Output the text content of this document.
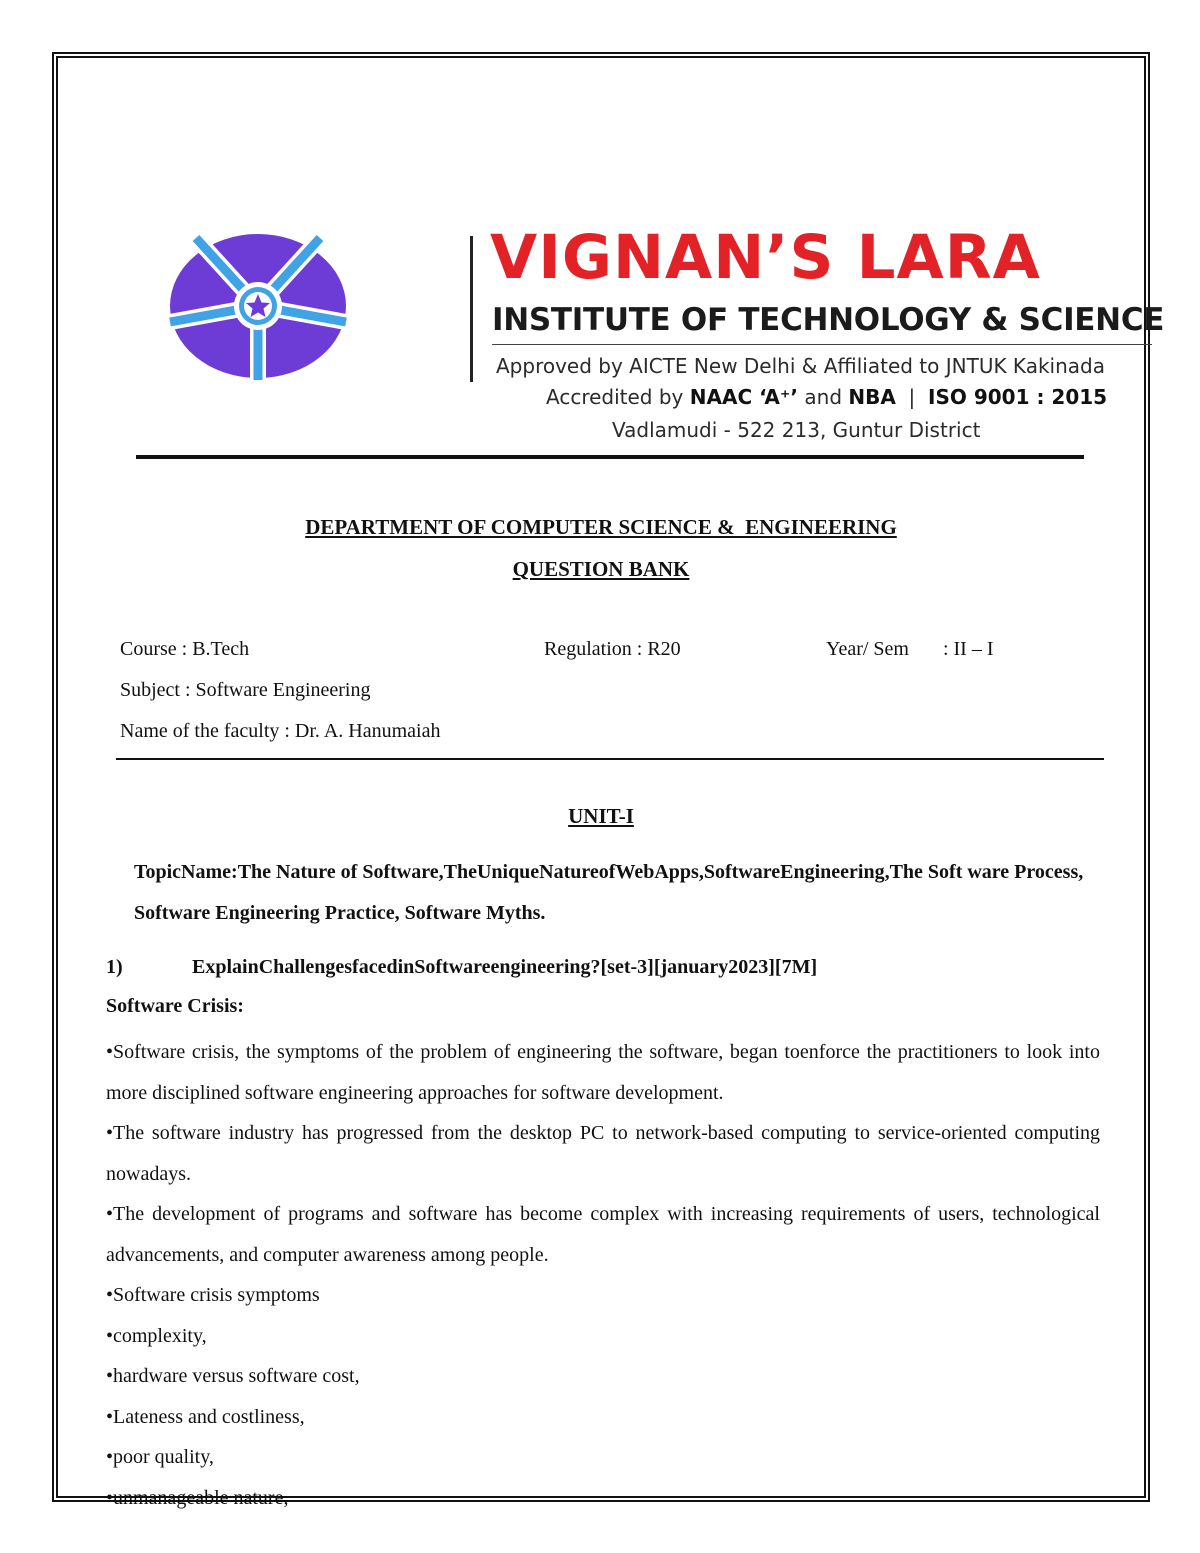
VIGNAN’S LARA
INSTITUTE OF TECHNOLOGY & SCIENCE
Approved by AICTE New Delhi & Affiliated to JNTUK Kakinada
Accredited by NAAC ‘A⁺’ and NBA  |  ISO 9001 : 2015
Vadlamudi - 522 213, Guntur District
DEPARTMENT OF COMPUTER SCIENCE &  ENGINEERING
QUESTION BANK
Course : B.Tech	Regulation : R20	Year/ Sem : II – I
Subject : Software Engineering
Name of the faculty : Dr. A. Hanumaiah
UNIT-I
TopicName:The Nature of Software,TheUniqueNatureofWebApps,SoftwareEngineering,The Soft ware Process, Software Engineering Practice, Software Myths.
1)	ExplainChallengesfacedinSoftwareengineering?[set-3][january2023][7M]
Software Crisis:

•Software crisis, the symptoms of the problem of engineering the software, began toenforce the practitioners to look into more disciplined software engineering approaches for software development.

•The software industry has progressed from the desktop PC to network-based computing to service-oriented computing nowadays.

•The development of programs and software has become complex with increasing requirements of users, technological advancements, and computer awareness among people.

•Software crisis symptoms

•complexity,

•hardware versus software cost,

•Lateness and costliness,

•poor quality,

•unmanageable nature,
